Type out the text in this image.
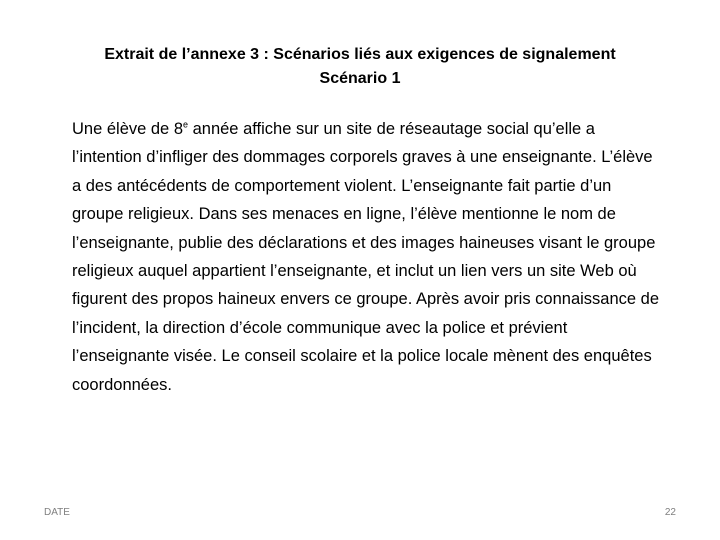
Extrait de l’annexe 3 : Scénarios liés aux exigences de signalement
Scénario 1

Une élève de 8e année affiche sur un site de réseautage social qu’elle a l’intention d’infliger des dommages corporels graves à une enseignante. L’élève a des antécédents de comportement violent. L’enseignante fait partie d’un groupe religieux. Dans ses menaces en ligne, l’élève mentionne le nom de l’enseignante, publie des déclarations et des images haineuses visant le groupe religieux auquel appartient l’enseignante, et inclut un lien vers un site Web où figurent des propos haineux envers ce groupe. Après avoir pris connaissance de l’incident, la direction d’école communique avec la police et prévient l’enseignante visée. Le conseil scolaire et la police locale mènent des enquêtes coordonnées.

DATE	22
